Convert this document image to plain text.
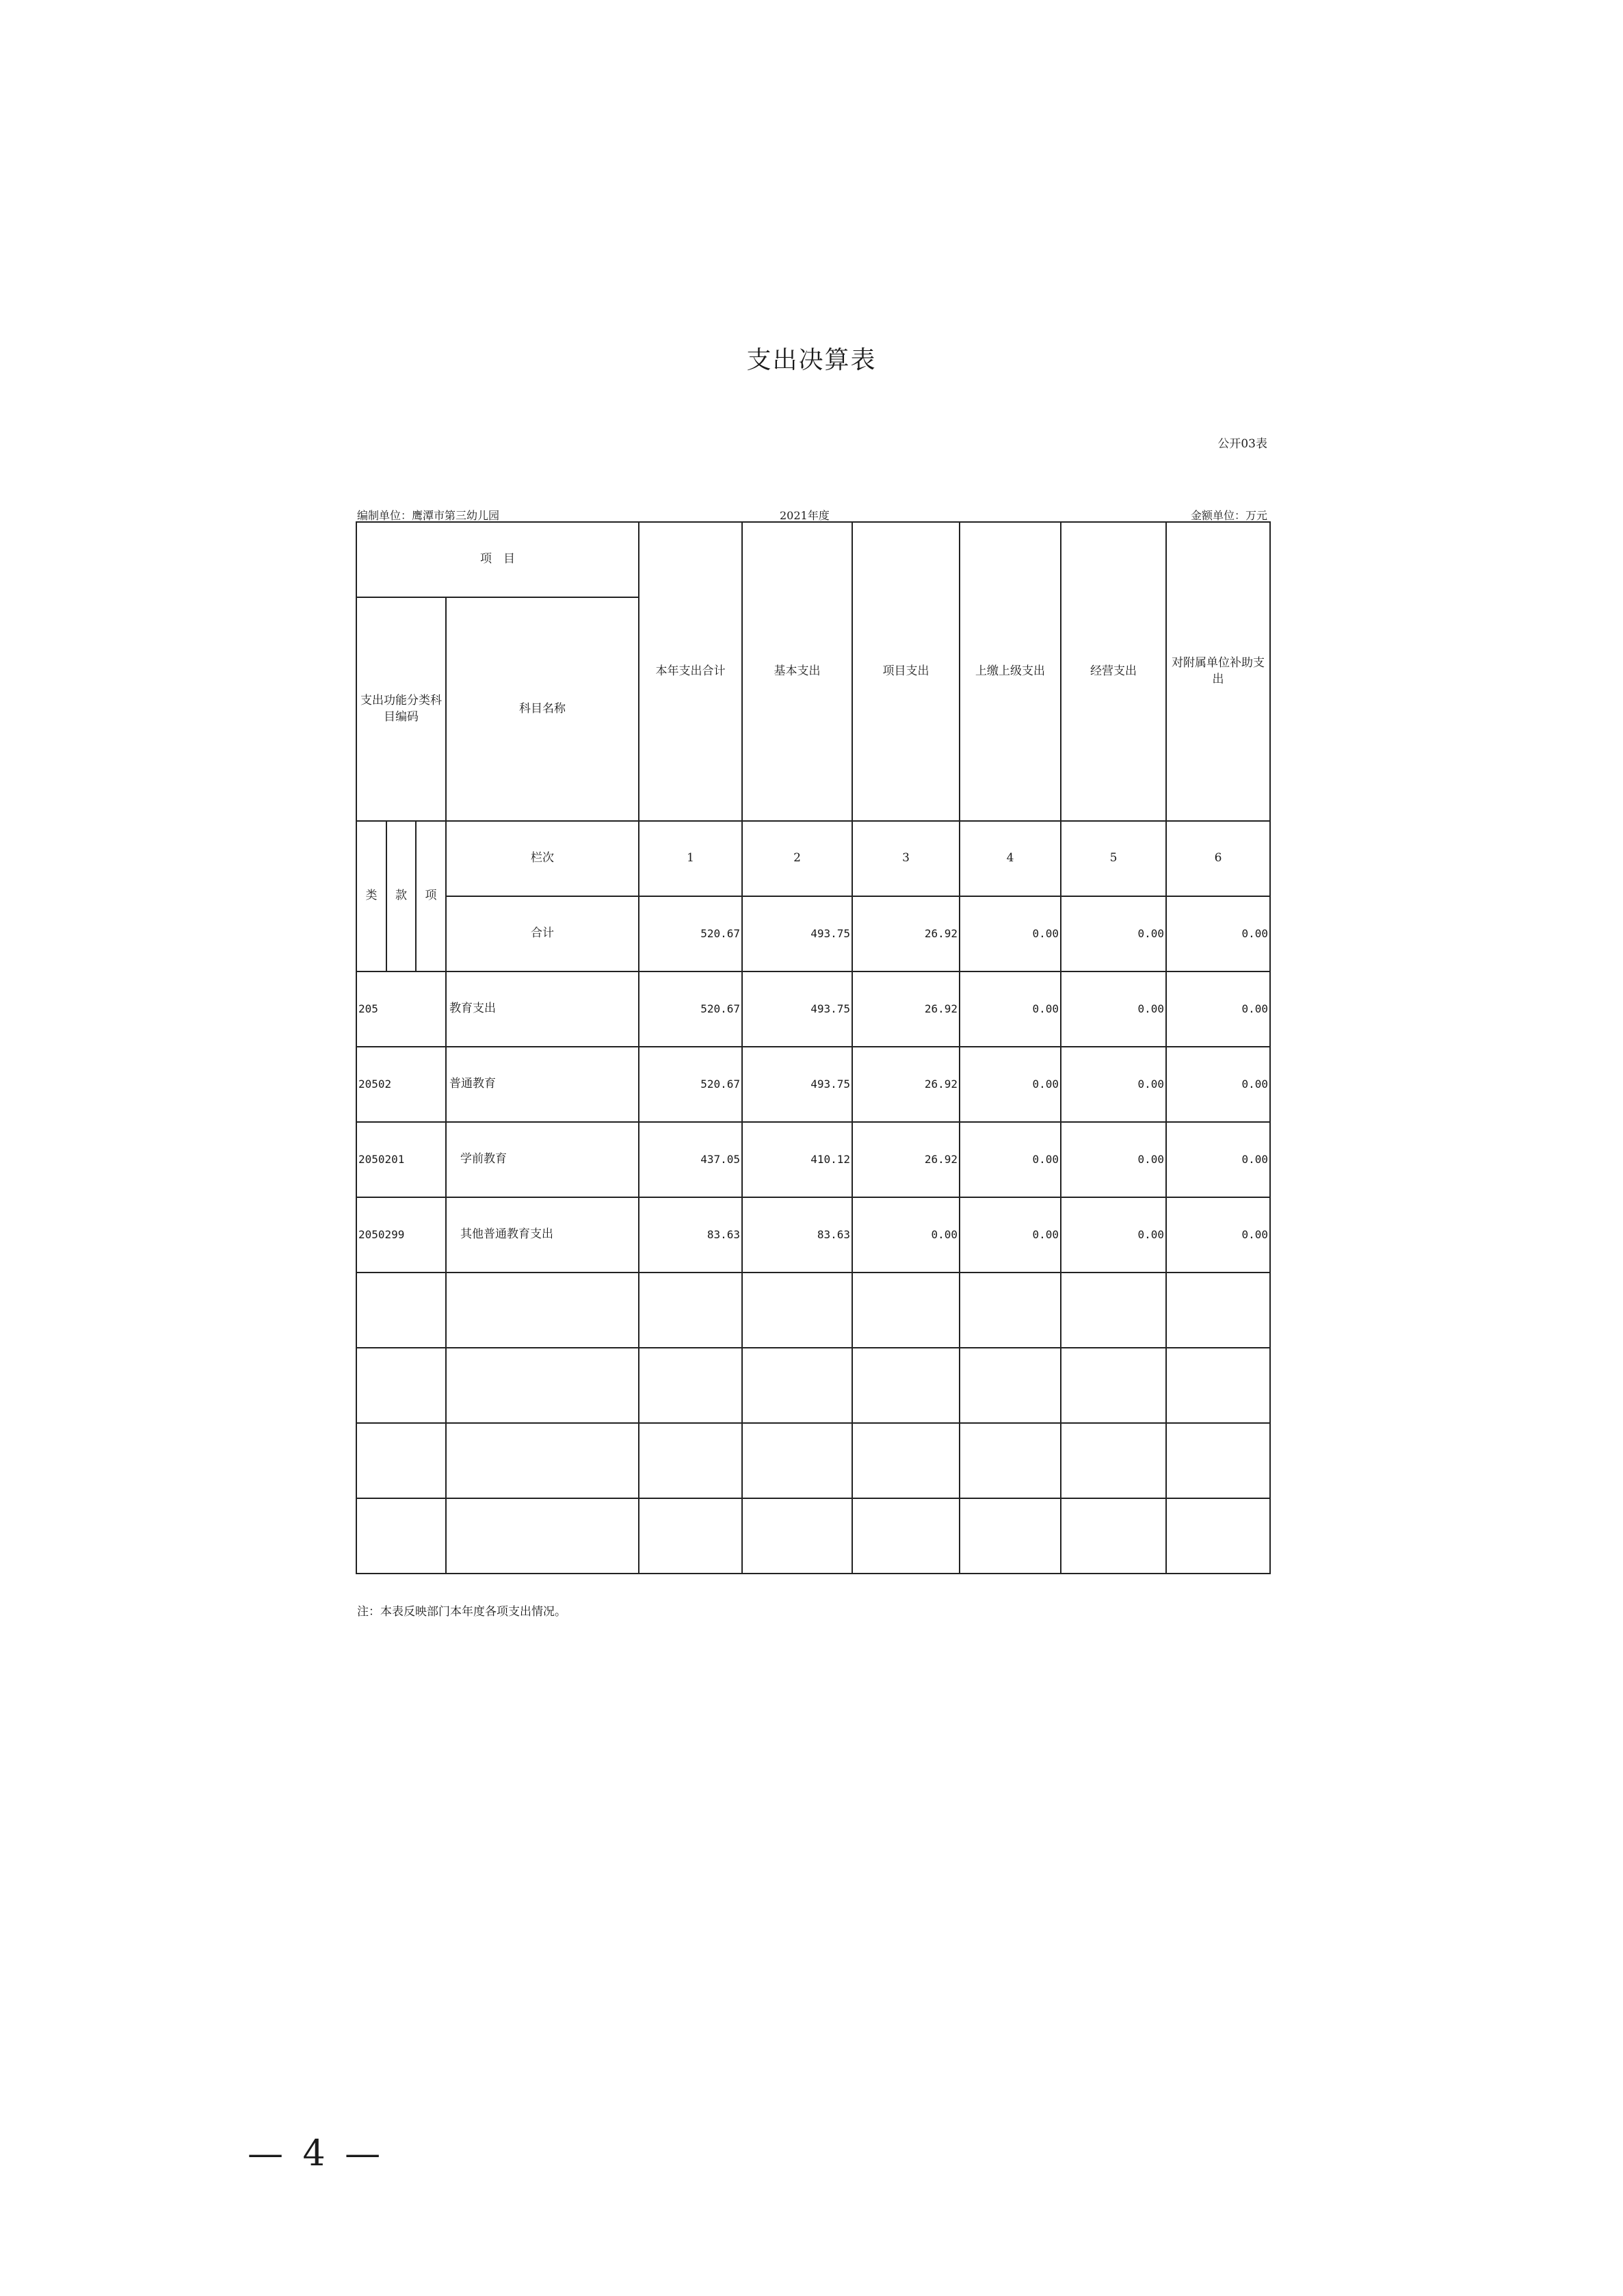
支出决算表
公开03表
编制单位：鹰潭市第三幼儿园	2021年度	金额单位：万元
项　目				本年支出合计	基本支出	项目支出	上缴上级支出	经营支出	对附属单位补助支出
支出功能分类科目编码			科目名称						
类	款	项	栏次	1	2	3	4	5	6
			合计	520.67	493.75	26.92	0.00	0.00	0.00
205			教育支出	520.67	493.75	26.92	0.00	0.00	0.00
20502			普通教育	520.67	493.75	26.92	0.00	0.00	0.00
2050201			学前教育	437.05	410.12	26.92	0.00	0.00	0.00
2050299			其他普通教育支出	83.63	83.63	0.00	0.00	0.00	0.00

注：本表反映部门本年度各项支出情况。
— 4 —
